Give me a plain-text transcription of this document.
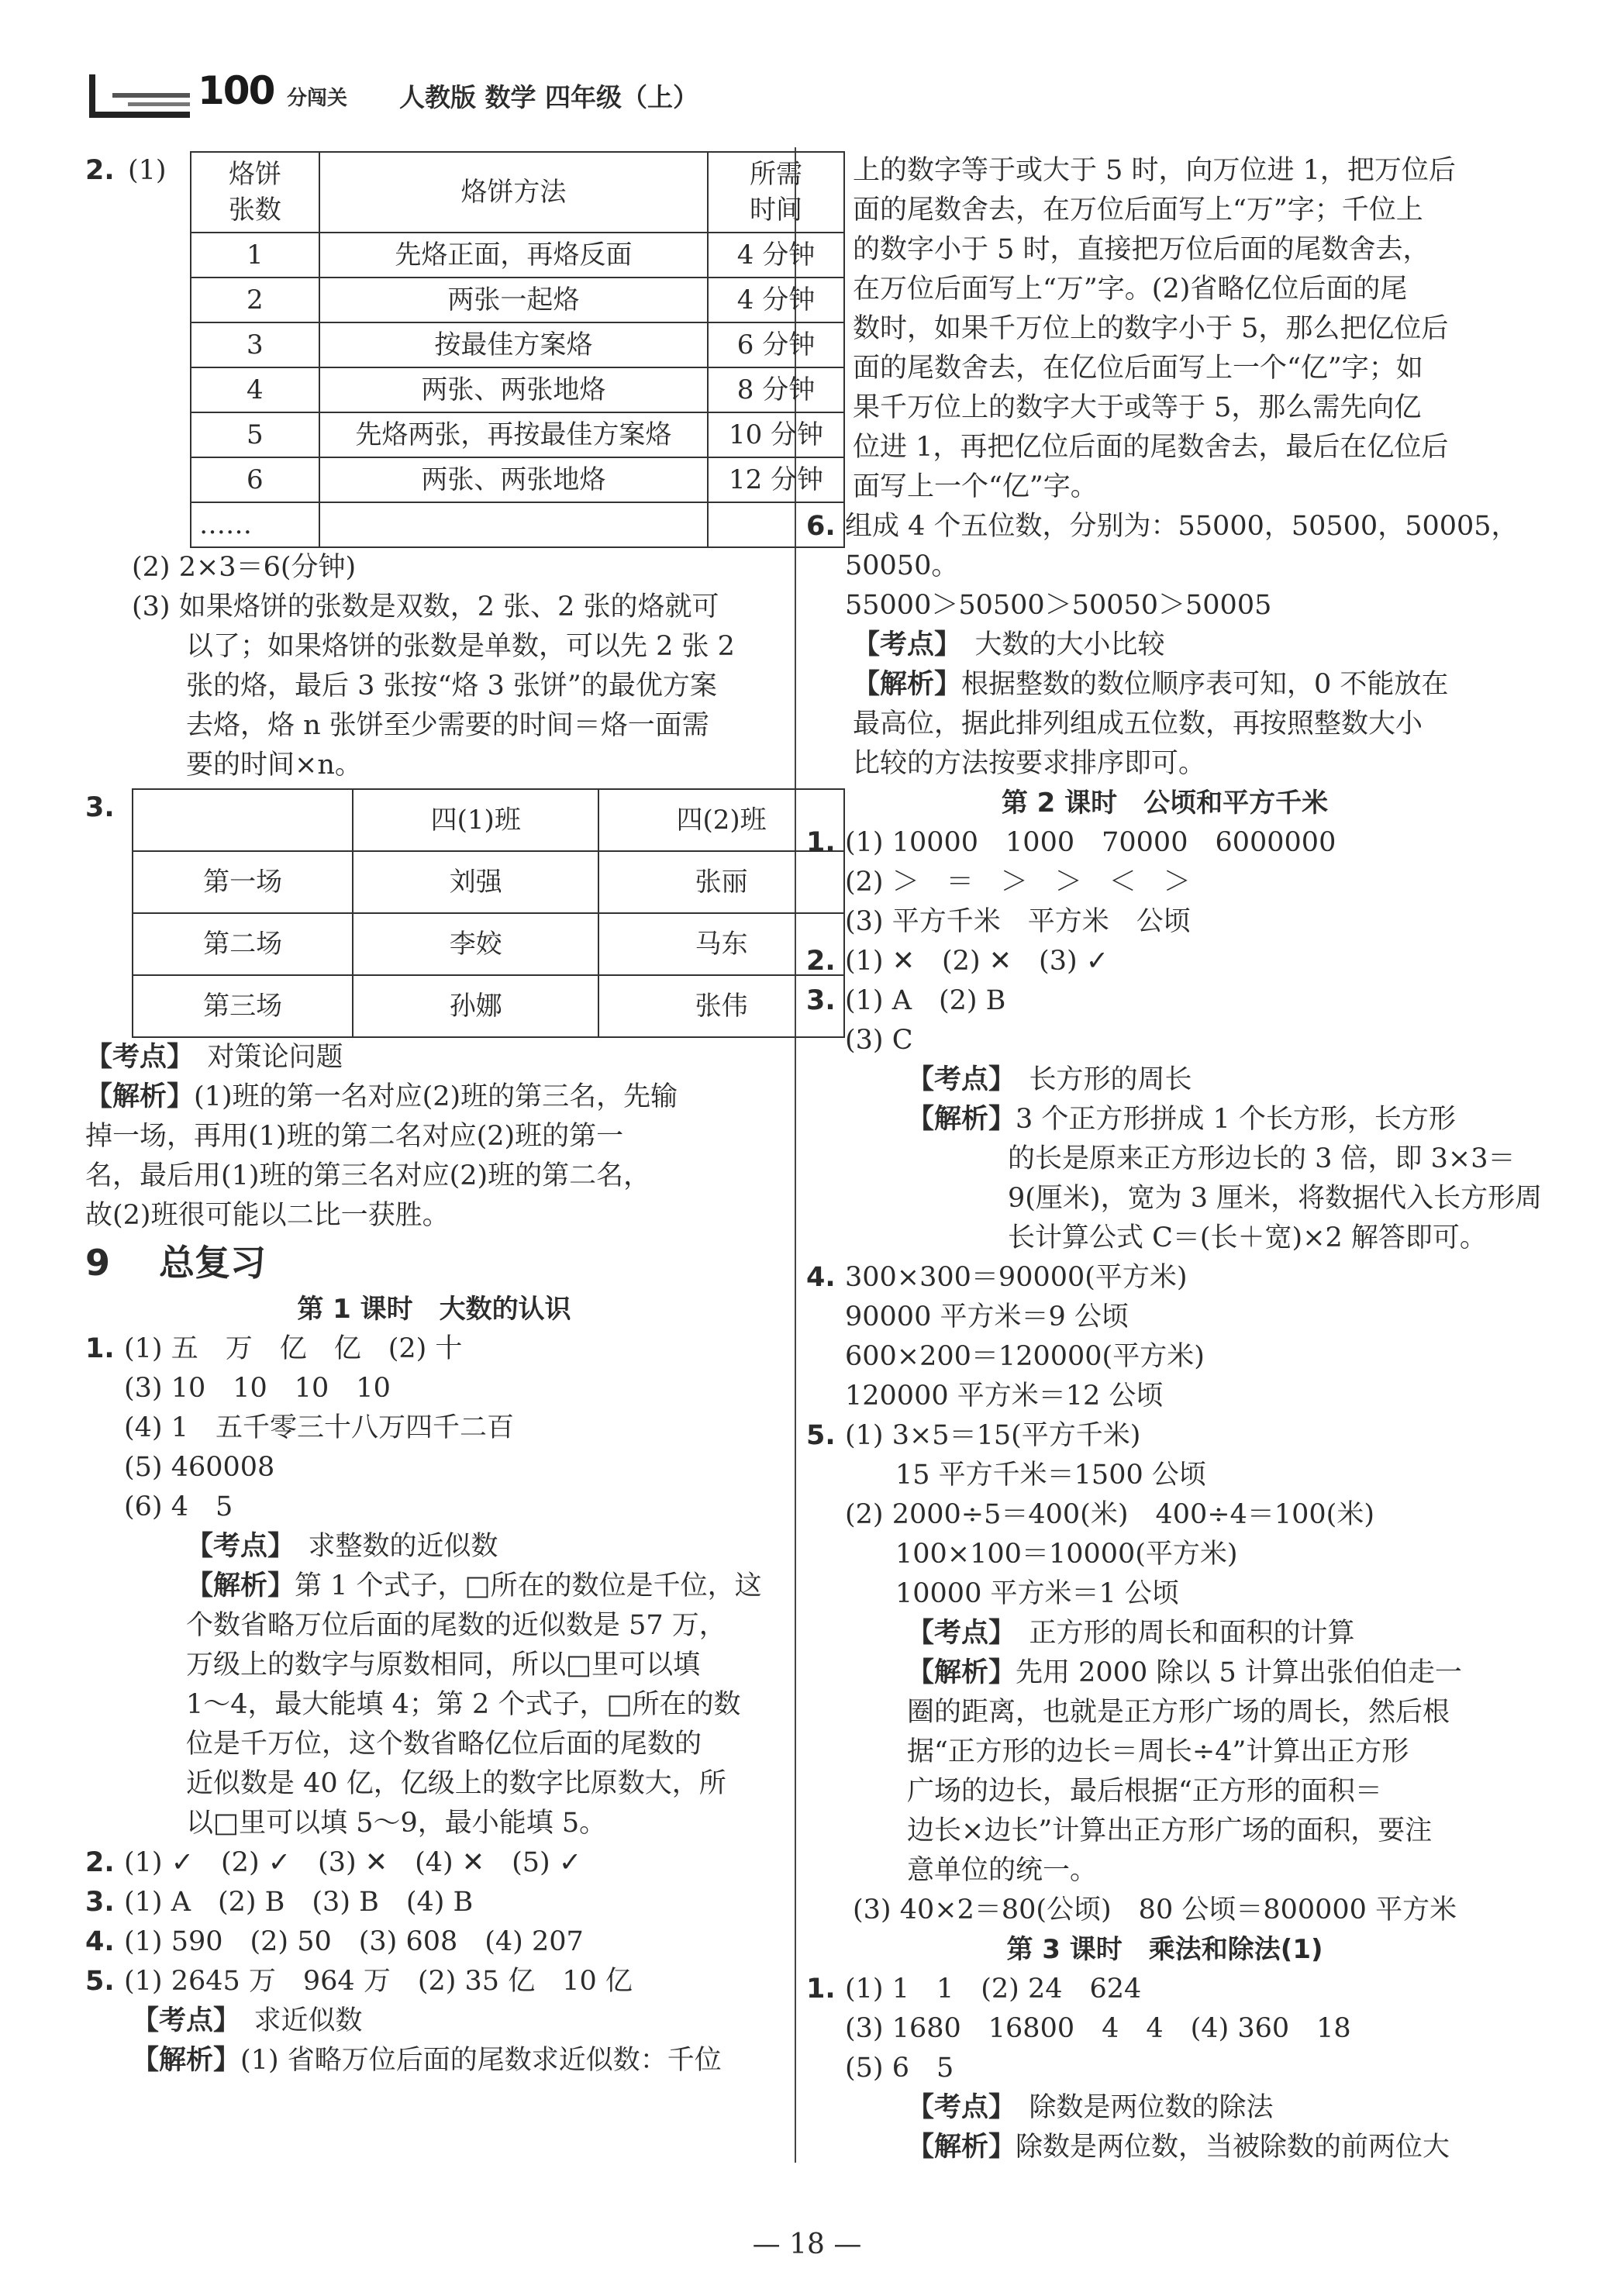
100 分闯关 人教版 数学 四年级（上）
2. (1) 烙饼
张数	烙饼方法	所需
时间
1	先烙正面，再烙反面	4 分钟
2	两张一起烙	4 分钟
3	按最佳方案烙	6 分钟
4	两张、两张地烙	8 分钟
5	先烙两张，再按最佳方案烙	10 分钟
6	两张、两张地烙	12 分钟
……		
(2) 2×3＝6(分钟)
(3) 如果烙饼的张数是双数，2 张、2 张的烙就可
以了；如果烙饼的张数是单数，可以先 2 张 2
张的烙，最后 3 张按“烙 3 张饼”的最优方案
去烙，烙 n 张饼至少需要的时间＝烙一面需
要的时间×n。
3.
		四(1)班	四(2)班
第一场	刘强	张丽
第二场	李姣	马东
第三场	孙娜	张伟
【考点】　 对策论问题
【解析】(1)班的第一名对应(2)班的第三名，先输
掉一场，再用(1)班的第二名对应(2)班的第一
名，最后用(1)班的第三名对应(2)班的第二名，
故(2)班很可能以二比一获胜。
9 总复习
第 1 课时　大数的认识
1. (1) 五　万　亿　亿　(2) 十
(3) 10　10　10　10
(4) 1　五千零三十八万四千二百
(5) 460008
(6) 4　5
【考点】　 求整数的近似数
【解析】第 1 个式子，□所在的数位是千位，这
个数省略万位后面的尾数的近似数是 57 万，
万级上的数字与原数相同，所以□里可以填
1～4，最大能填 4；第 2 个式子，□所在的数
位是千万位，这个数省略亿位后面的尾数的
近似数是 40 亿，亿级上的数字比原数大，所
以□里可以填 5～9，最小能填 5。
2. (1) ✓　(2) ✓　(3) ✕　(4) ✕　(5) ✓
3. (1) A　(2) B　(3) B　(4) B
4. (1) 590　(2) 50　(3) 608　(4) 207
5. (1) 2645 万　964 万　(2) 35 亿　10 亿
【考点】　 求近似数
【解析】(1) 省略万位后面的尾数求近似数：千位
上的数字等于或大于 5 时，向万位进 1，把万位后
面的尾数舍去，在万位后面写上“万”字；千位上
的数字小于 5 时，直接把万位后面的尾数舍去，
在万位后面写上“万”字。(2)省略亿位后面的尾
数时，如果千万位上的数字小于 5，那么把亿位后
面的尾数舍去，在亿位后面写上一个“亿”字；如
果千万位上的数字大于或等于 5，那么需先向亿
位进 1，再把亿位后面的尾数舍去，最后在亿位后
面写上一个“亿”字。
6. 组成 4 个五位数，分别为：55000，50500，50005，
50050。
55000＞50500＞50050＞50005
【考点】　 大数的大小比较
【解析】根据整数的数位顺序表可知，0 不能放在
最高位，据此排列组成五位数，再按照整数大小
比较的方法按要求排序即可。
第 2 课时　公顷和平方千米
1. (1) 10000　1000　70000　6000000
(2) ＞　＝　＞　＞　＜　＞
(3) 平方千米　平方米　公顷
2. (1) ✕　(2) ✕　(3) ✓
3. (1) A　(2) B
(3) C
【考点】　 长方形的周长
【解析】3 个正方形拼成 1 个长方形，长方形
的长是原来正方形边长的 3 倍，即 3×3＝
9(厘米)，宽为 3 厘米，将数据代入长方形周
长计算公式 C＝(长＋宽)×2 解答即可。
4. 300×300＝90000(平方米)
90000 平方米＝9 公顷
600×200＝120000(平方米)
120000 平方米＝12 公顷
5. (1) 3×5＝15(平方千米)
15 平方千米＝1500 公顷
(2) 2000÷5＝400(米)　400÷4＝100(米)
100×100＝10000(平方米)
10000 平方米＝1 公顷
【考点】　 正方形的周长和面积的计算
【解析】先用 2000 除以 5 计算出张伯伯走一
圈的距离，也就是正方形广场的周长，然后根
据“正方形的边长＝周长÷4”计算出正方形
广场的边长，最后根据“正方形的面积＝
边长×边长”计算出正方形广场的面积，要注
意单位的统一。
(3) 40×2＝80(公顷)　80 公顷＝800000 平方米
第 3 课时　乘法和除法(1)
1. (1) 1　1　(2) 24　624
(3) 1680　16800　4　4　(4) 360　18
(5) 6　5
【考点】　 除数是两位数的除法
【解析】除数是两位数，当被除数的前两位大
— 18 —
